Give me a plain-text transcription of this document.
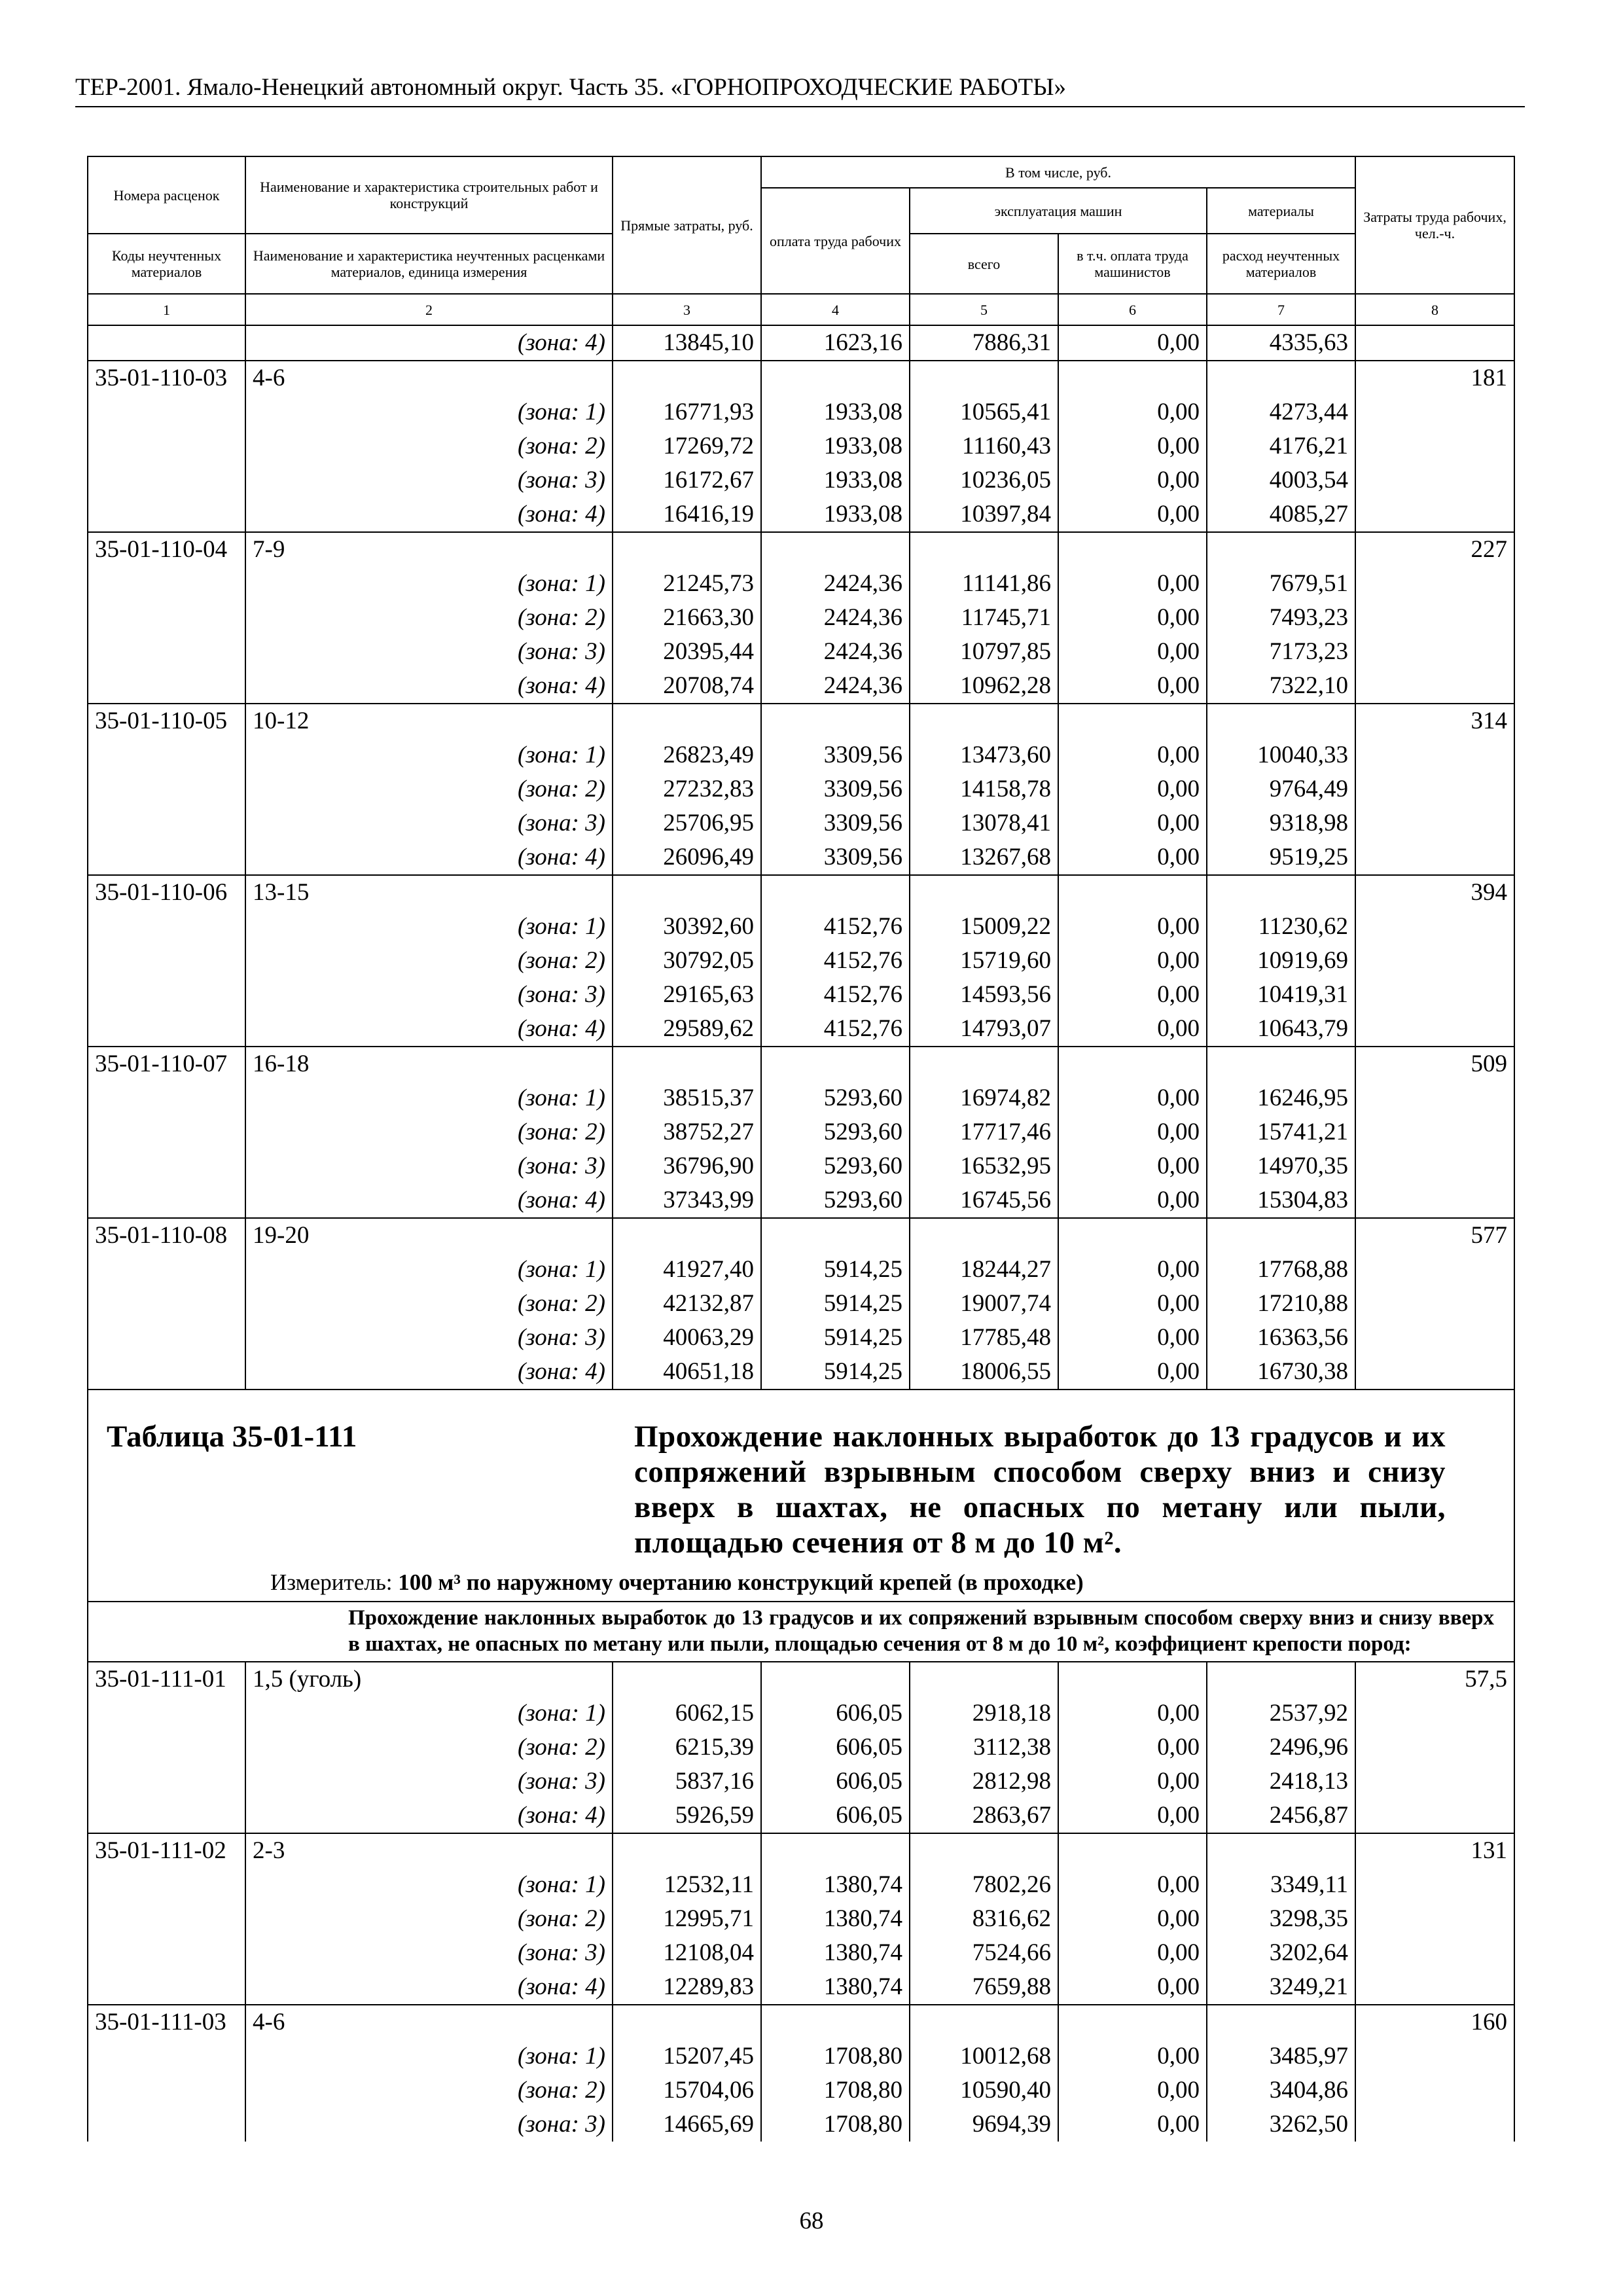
ТЕР-2001. Ямало-Ненецкий автономный округ. Часть 35. «ГОРНОПРОХОДЧЕСКИЕ РАБОТЫ»
Номера расценок	Наименование и характеристика строительных работ и конструкций	Прямые затраты, руб.	В том числе, руб.				Затраты труда рабочих, чел.-ч.
			оплата труда рабочих	эксплуатация машин		материалы	
Коды неучтенных материалов	Наименование и характеристика неучтенных расценками материалов, единица измерения			всего	в т.ч. оплата труда машинистов	расход неучтенных материалов	
1	2	3	4	5	6	7	8
	(зона: 4)	13845,10	1623,16	7886,31	0,00	4335,63	
35-01-110-03	4-6						181
	(зона: 1)	16771,93	1933,08	10565,41	0,00	4273,44	
	(зона: 2)	17269,72	1933,08	11160,43	0,00	4176,21	
	(зона: 3)	16172,67	1933,08	10236,05	0,00	4003,54	
	(зона: 4)	16416,19	1933,08	10397,84	0,00	4085,27	
35-01-110-04	7-9						227
	(зона: 1)	21245,73	2424,36	11141,86	0,00	7679,51	
	(зона: 2)	21663,30	2424,36	11745,71	0,00	7493,23	
	(зона: 3)	20395,44	2424,36	10797,85	0,00	7173,23	
	(зона: 4)	20708,74	2424,36	10962,28	0,00	7322,10	
35-01-110-05	10-12						314
	(зона: 1)	26823,49	3309,56	13473,60	0,00	10040,33	
	(зона: 2)	27232,83	3309,56	14158,78	0,00	9764,49	
	(зона: 3)	25706,95	3309,56	13078,41	0,00	9318,98	
	(зона: 4)	26096,49	3309,56	13267,68	0,00	9519,25	
35-01-110-06	13-15						394
	(зона: 1)	30392,60	4152,76	15009,22	0,00	11230,62	
	(зона: 2)	30792,05	4152,76	15719,60	0,00	10919,69	
	(зона: 3)	29165,63	4152,76	14593,56	0,00	10419,31	
	(зона: 4)	29589,62	4152,76	14793,07	0,00	10643,79	
35-01-110-07	16-18						509
	(зона: 1)	38515,37	5293,60	16974,82	0,00	16246,95	
	(зона: 2)	38752,27	5293,60	17717,46	0,00	15741,21	
	(зона: 3)	36796,90	5293,60	16532,95	0,00	14970,35	
	(зона: 4)	37343,99	5293,60	16745,56	0,00	15304,83	
35-01-110-08	19-20						577
	(зона: 1)	41927,40	5914,25	18244,27	0,00	17768,88	
	(зона: 2)	42132,87	5914,25	19007,74	0,00	17210,88	
	(зона: 3)	40063,29	5914,25	17785,48	0,00	16363,56	
	(зона: 4)	40651,18	5914,25	18006,55	0,00	16730,38	

Таблица 35-01-111 Прохождение наклонных выработок до 13 градусов и их сопряжений взрывным способом сверху вниз и снизу вверх в шахтах, не опасных по метану или пыли, площадью сечения от 8 м до 10 м².
Измеритель: 100 м³ по наружному очертанию конструкций крепей (в проходке)							

Прохождение наклонных выработок до 13 градусов и их сопряжений взрывным способом сверху вниз и снизу вверх в шахтах, не опасных по метану или пыли, площадью сечения от 8 м до 10 м², коэффициент крепости пород:							
35-01-111-01	1,5 (уголь)						57,5
	(зона: 1)	6062,15	606,05	2918,18	0,00	2537,92	
	(зона: 2)	6215,39	606,05	3112,38	0,00	2496,96	
	(зона: 3)	5837,16	606,05	2812,98	0,00	2418,13	
	(зона: 4)	5926,59	606,05	2863,67	0,00	2456,87	
35-01-111-02	2-3						131
	(зона: 1)	12532,11	1380,74	7802,26	0,00	3349,11	
	(зона: 2)	12995,71	1380,74	8316,62	0,00	3298,35	
	(зона: 3)	12108,04	1380,74	7524,66	0,00	3202,64	
	(зона: 4)	12289,83	1380,74	7659,88	0,00	3249,21	
35-01-111-03	4-6						160
	(зона: 1)	15207,45	1708,80	10012,68	0,00	3485,97	
	(зона: 2)	15704,06	1708,80	10590,40	0,00	3404,86	
	(зона: 3)	14665,69	1708,80	9694,39	0,00	3262,50	
68
